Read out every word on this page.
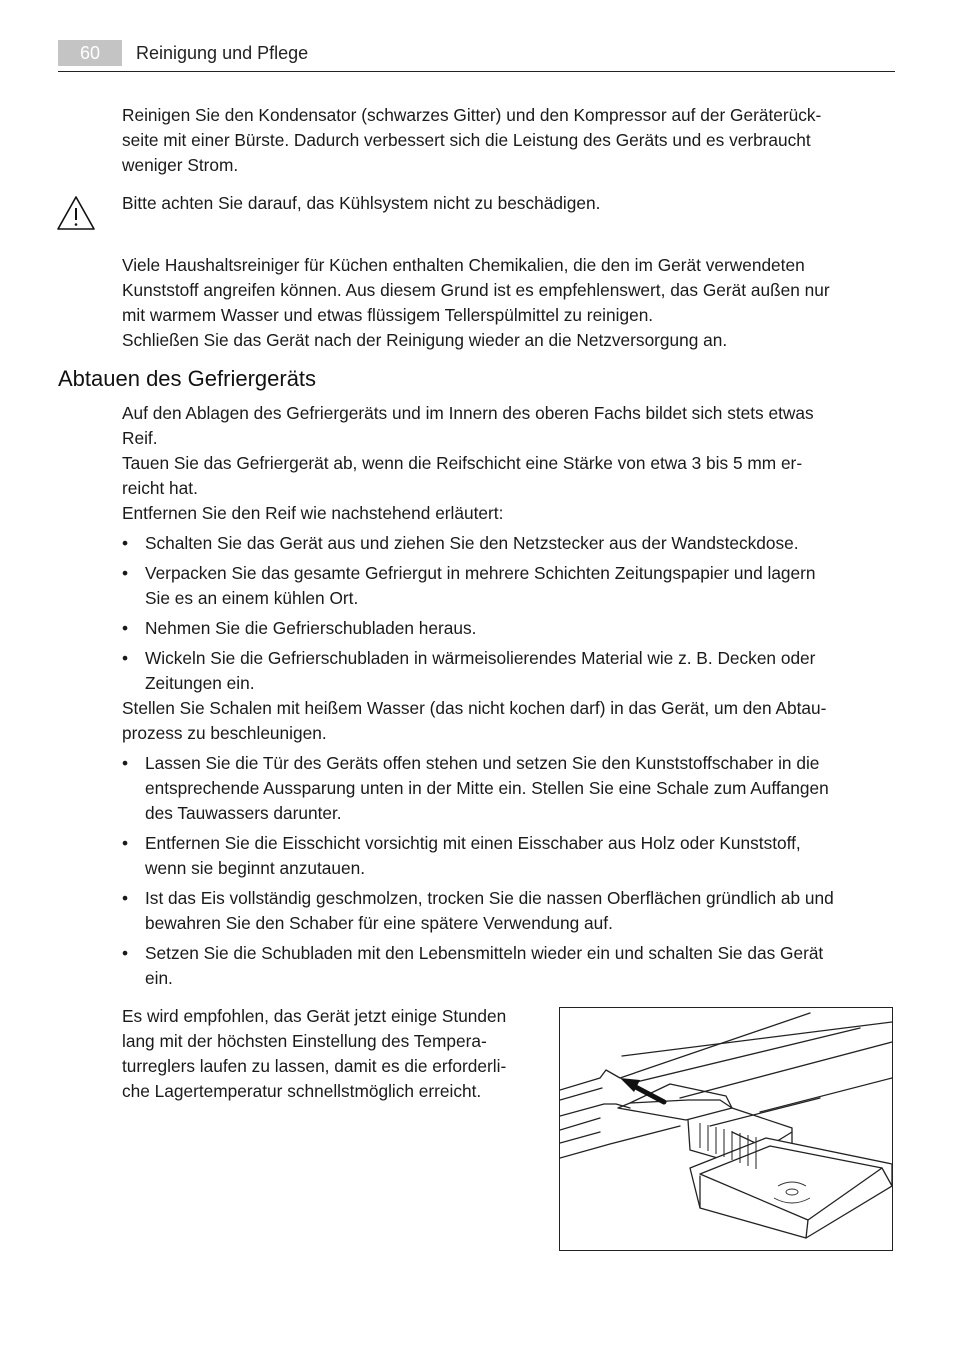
60	Reinigung und Pflege

Reinigen Sie den Kondensator (schwarzes Gitter) und den Kompressor auf der Geräterück-

seite mit einer Bürste. Dadurch verbessert sich die Leistung des Geräts und es verbraucht

weniger Strom.

Bitte achten Sie darauf, das Kühlsystem nicht zu beschädigen.

Viele Haushaltsreiniger für Küchen enthalten Chemikalien, die den im Gerät verwendeten

Kunststoff angreifen können. Aus diesem Grund ist es empfehlenswert, das Gerät außen nur

mit warmem Wasser und etwas flüssigem Tellerspülmittel zu reinigen.

Schließen Sie das Gerät nach der Reinigung wieder an die Netzversorgung an.

Abtauen des Gefriergeräts

Auf den Ablagen des Gefriergeräts und im Innern des oberen Fachs bildet sich stets etwas

Reif.

Tauen Sie das Gefriergerät ab, wenn die Reifschicht eine Stärke von etwa 3 bis 5 mm er-

reicht hat.

Entfernen Sie den Reif wie nachstehend erläutert:

• Schalten Sie das Gerät aus und ziehen Sie den Netzstecker aus der Wandsteckdose.
• Verpacken Sie das gesamte Gefriergut in mehrere Schichten Zeitungspapier und lagern
Sie es an einem kühlen Ort.
• Nehmen Sie die Gefrierschubladen heraus.
• Wickeln Sie die Gefrierschubladen in wärmeisolierendes Material wie z. B. Decken oder
Zeitungen ein.

Stellen Sie Schalen mit heißem Wasser (das nicht kochen darf) in das Gerät, um den Abtau-

prozess zu beschleunigen.

• Lassen Sie die Tür des Geräts offen stehen und setzen Sie den Kunststoffschaber in die
entsprechende Aussparung unten in der Mitte ein. Stellen Sie eine Schale zum Auffangen
des Tauwassers darunter.
• Entfernen Sie die Eisschicht vorsichtig mit einen Eisschaber aus Holz oder Kunststoff,
wenn sie beginnt anzutauen.
• Ist das Eis vollständig geschmolzen, trocken Sie die nassen Oberflächen gründlich ab und
bewahren Sie den Schaber für eine spätere Verwendung auf.
• Setzen Sie die Schubladen mit den Lebensmitteln wieder ein und schalten Sie das Gerät
ein.

Es wird empfohlen, das Gerät jetzt einige Stunden

lang mit der höchsten Einstellung des Tempera-

turreglers laufen zu lassen, damit es die erforderli-

che Lagertemperatur schnellstmöglich erreicht.
